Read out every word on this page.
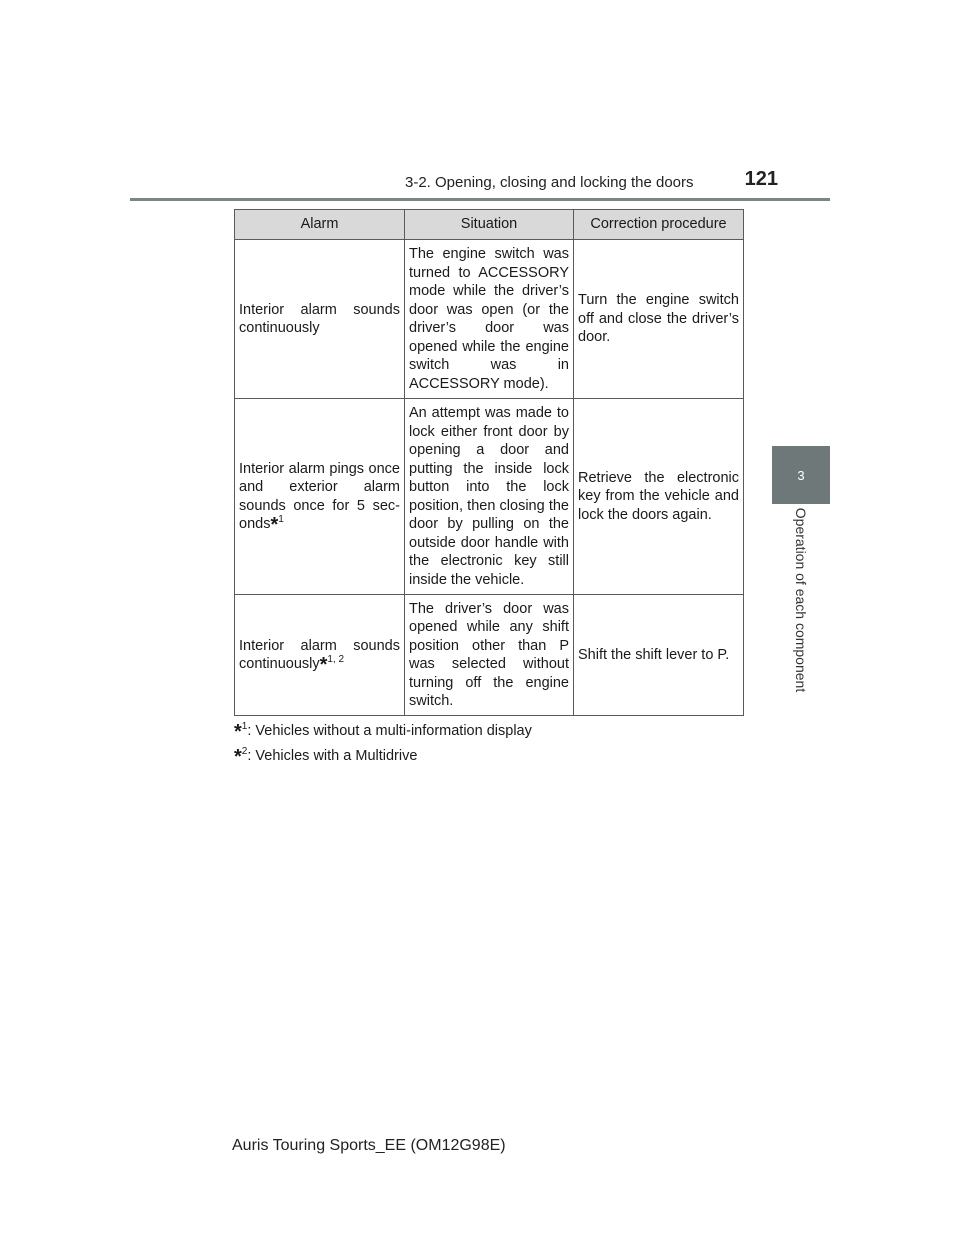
3-2. Opening, closing and locking the doors	121
3
Operation of each component
Alarm	Situation	Correction procedure
Interior alarm sounds continuously	The engine switch was turned to ACCESSORY mode while the driver’s door was open (or the driver’s door was opened while the engine switch was in ACCESSORY mode).	Turn the engine switch off and close the driver’s door.
Interior alarm pings once and exterior alarm sounds once for 5 sec- onds*$^1$	An attempt was made to lock either front door by opening a door and putting the inside lock button into the lock position, then closing the door by pulling on the outside door handle with the electronic key still inside the vehicle.	Retrieve the electronic key from the vehicle and lock the doors again.
Interior alarm sounds continuously*$^{1, 2}$	The driver’s door was opened while any shift position other than P was selected without turning off the engine switch.	Shift the shift lever to P.
*$^1$: Vehicles without a multi-information display
*$^2$: Vehicles with a Multidrive
Auris Touring Sports_EE (OM12G98E)
